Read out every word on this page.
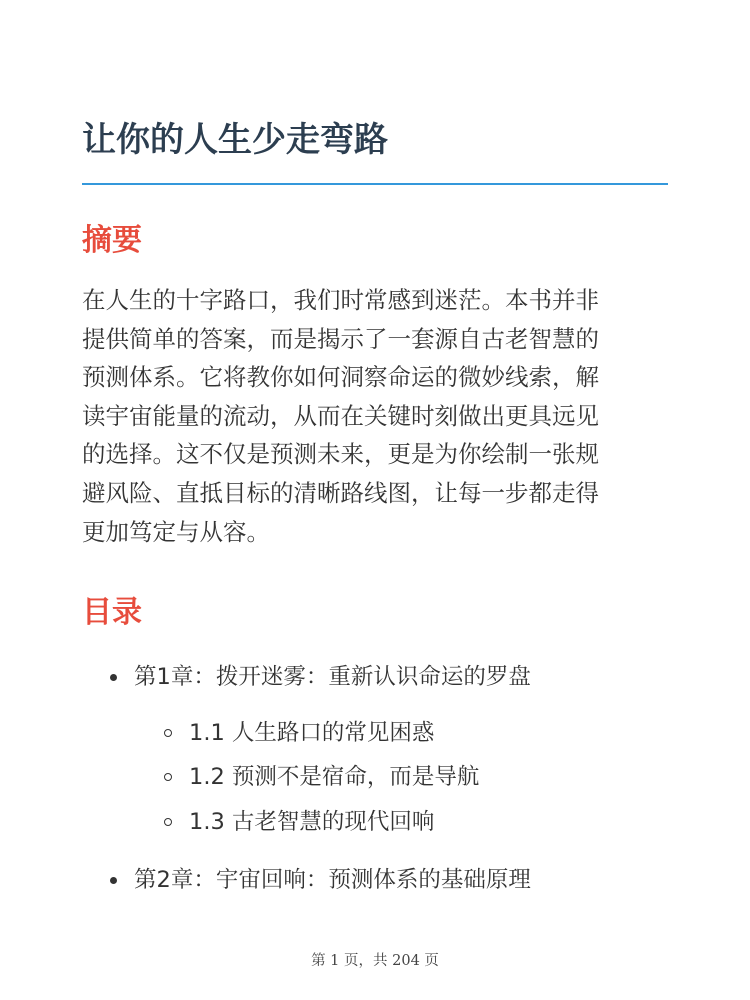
让你的人生少走弯路
摘要

在人生的十字路口，我们时常感到迷茫。本书并非
提供简单的答案，而是揭示了一套源自古老智慧的
预测体系。它将教你如何洞察命运的微妙线索，解
读宇宙能量的流动，从而在关键时刻做出更具远见
的选择。这不仅是预测未来，更是为你绘制一张规
避风险、直抵目标的清晰路线图，让每一步都走得
更加笃定与从容。

目录
第1章：拨开迷雾：重新认识命运的罗盘
1.1 人生路口的常见困惑
1.2 预测不是宿命，而是导航
1.3 古老智慧的现代回响
第2章：宇宙回响：预测体系的基础原理
第 1 页，共 204 页
